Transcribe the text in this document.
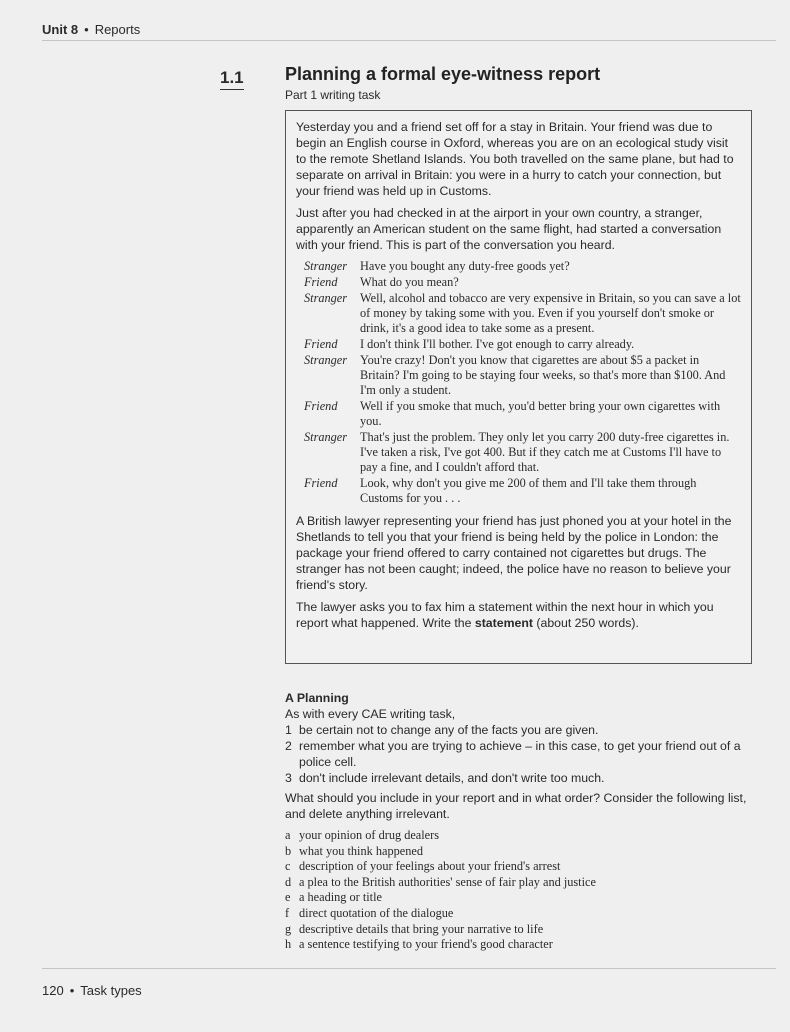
Unit 8 • Reports
1.1 Planning a formal eye-witness report
Part 1 writing task

Yesterday you and a friend set off for a stay in Britain. Your friend was due to begin an English course in Oxford, whereas you are on an ecological study visit to the remote Shetland Islands. You both travelled on the same plane, but had to separate on arrival in Britain: you were in a hurry to catch your connection, but your friend was held up in Customs.

Just after you had checked in at the airport in your own country, a stranger, apparently an American student on the same flight, had started a conversation with your friend. This is part of the conversation you heard.

Stranger	Have you bought any duty-free goods yet?
Friend	What do you mean?
Stranger	Well, alcohol and tobacco are very expensive in Britain, so you can save a lot of money by taking some with you. Even if you yourself don't smoke or drink, it's a good idea to take some as a present.
Friend	I don't think I'll bother. I've got enough to carry already.
Stranger	You're crazy! Don't you know that cigarettes are about $5 a packet in Britain? I'm going to be staying four weeks, so that's more than $100. And I'm only a student.
Friend	Well if you smoke that much, you'd better bring your own cigarettes with you.
Stranger	That's just the problem. They only let you carry 200 duty-free cigarettes in. I've taken a risk, I've got 400. But if they catch me at Customs I'll have to pay a fine, and I couldn't afford that.
Friend	Look, why don't you give me 200 of them and I'll take them through Customs for you . . .

A British lawyer representing your friend has just phoned you at your hotel in the Shetlands to tell you that your friend is being held by the police in London: the package your friend offered to carry contained not cigarettes but drugs. The stranger has not been caught; indeed, the police have no reason to believe your friend's story.

The lawyer asks you to fax him a statement within the next hour in which you report what happened. Write the statement (about 250 words).

A Planning
As with every CAE writing task,
1 be certain not to change any of the facts you are given.
2 remember what you are trying to achieve – in this case, to get your friend out of a police cell.
3 don't include irrelevant details, and don't write too much.

What should you include in your report and in what order? Consider the following list, and delete anything irrelevant.

a your opinion of drug dealers
b what you think happened
c description of your feelings about your friend's arrest
d a plea to the British authorities' sense of fair play and justice
e a heading or title
f direct quotation of the dialogue
g descriptive details that bring your narrative to life
h a sentence testifying to your friend's good character
120 • Task types
